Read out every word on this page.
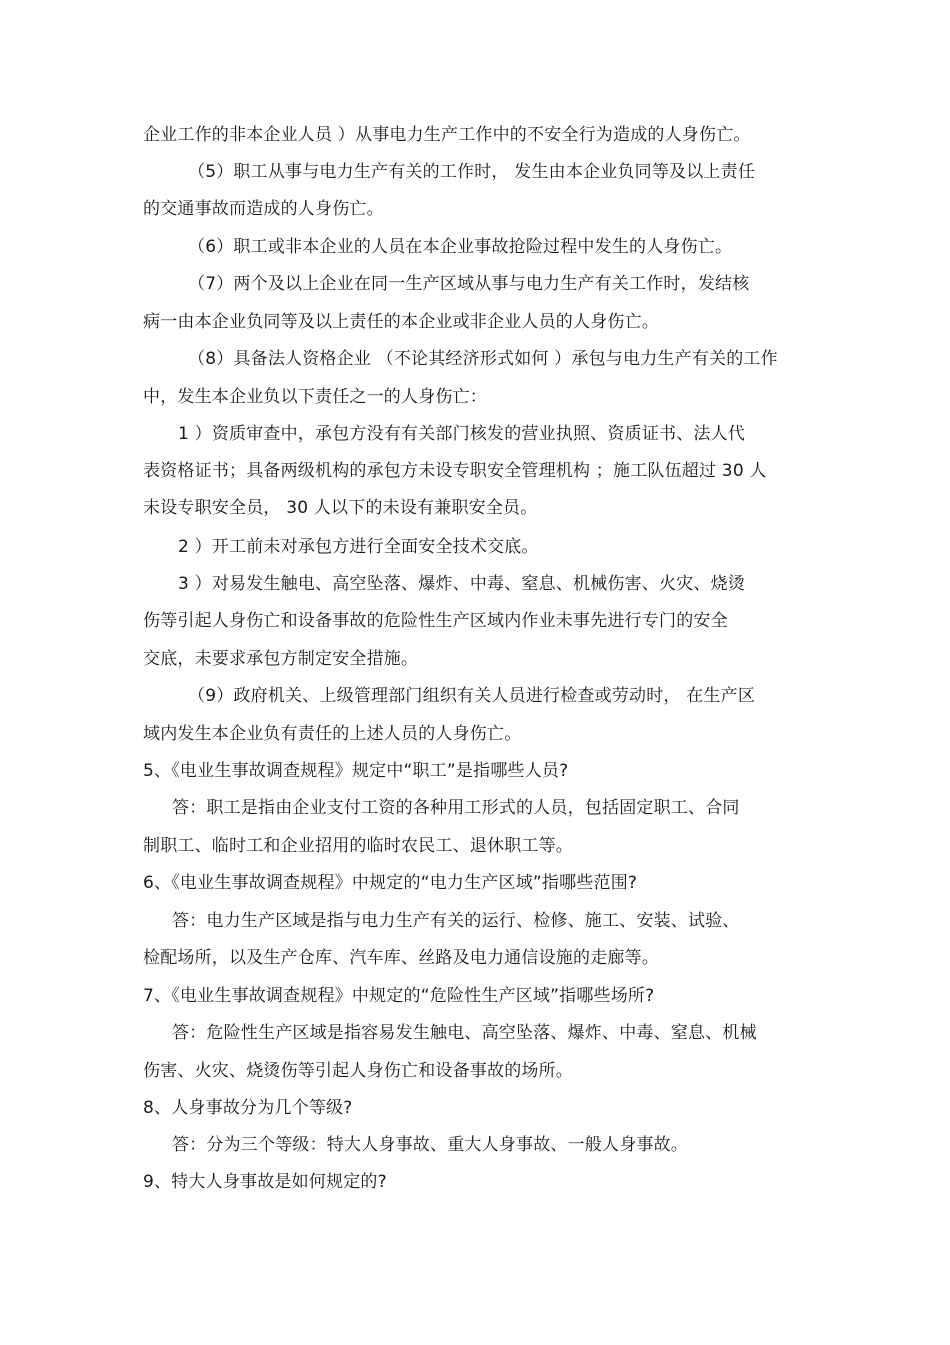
企业工作的非本企业人员 ）从事电力生产工作中的不安全行为造成的人身伤亡。
（5）职工从事与电力生产有关的工作时， 发生由本企业负同等及以上责任
的交通事故而造成的人身伤亡。
（6）职工或非本企业的人员在本企业事故抢险过程中发生的人身伤亡。
（7）两个及以上企业在同一生产区域从事与电力生产有关工作时，发结核
病一由本企业负同等及以上责任的本企业或非企业人员的人身伤亡。
（8）具备法人资格企业 （不论其经济形式如何 ）承包与电力生产有关的工作
中，发生本企业负以下责任之一的人身伤亡：
1 ）资质审查中，承包方没有有关部门核发的营业执照、资质证书、法人代
表资格证书；具备两级机构的承包方未设专职安全管理机构 ；施工队伍超过 30 人
未设专职安全员， 30 人以下的未设有兼职安全员。
2 ）开工前未对承包方进行全面安全技术交底。
3 ）对易发生触电、高空坠落、爆炸、中毒、窒息、机械伤害、火灾、烧烫
伤等引起人身伤亡和设备事故的危险性生产区域内作业未事先进行专门的安全
交底，未要求承包方制定安全措施。
（9）政府机关、上级管理部门组织有关人员进行检查或劳动时， 在生产区
域内发生本企业负有责任的上述人员的人身伤亡。
5、《电业生事故调查规程》规定中“职工”是指哪些人员?
答：职工是指由企业支付工资的各种用工形式的人员，包括固定职工、合同
制职工、临时工和企业招用的临时农民工、退休职工等。
6、《电业生事故调查规程》中规定的“电力生产区域”指哪些范围?
答：电力生产区域是指与电力生产有关的运行、检修、施工、安装、试验、
检配场所，以及生产仓库、汽车库、丝路及电力通信设施的走廊等。
7、《电业生事故调查规程》中规定的“危险性生产区域”指哪些场所?
答：危险性生产区域是指容易发生触电、高空坠落、爆炸、中毒、窒息、机械
伤害、火灾、烧烫伤等引起人身伤亡和设备事故的场所。
8、人身事故分为几个等级?
答：分为三个等级：特大人身事故、重大人身事故、一般人身事故。
9、特大人身事故是如何规定的?
